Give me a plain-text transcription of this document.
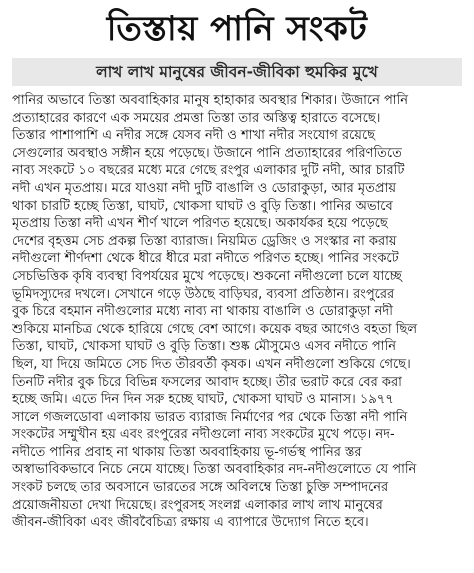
তিস্তায় পানি সংকট
লাখ লাখ মানুষের জীবন-জীবিকা হুমকির মুখে
পানির অভাবে তিস্তা অববাহিকার মানুষ হাহাকার অবস্থার শিকার। উজানে পানি
প্রত্যাহারের কারণে এক সময়ের প্রমত্তা তিস্তা তার অস্তিত্ব হারাতে বসেছে।
তিস্তার পাশাপাশি এ নদীর সঙ্গে যেসব নদী ও শাখা নদীর সংযোগ রয়েছে
সেগুলোর অবস্থাও সঙ্গীন হয়ে পড়েছে। উজানে পানি প্রত্যাহারের পরিণতিতে
নাব্য সংকটে ১০ বছরের মধ্যে মরে গেছে রংপুর এলাকার দুটি নদী, আর চারটি
নদী এখন মৃতপ্রায়। মরে যাওয়া নদী দুটি বাঙালি ও ডোরাকুড়া, আর মৃতপ্রায়
থাকা চারটি হচ্ছে তিস্তা, ঘাঘট, খোকসা ঘাঘট ও বুড়ি তিস্তা। পানির অভাবে
মৃতপ্রায় তিস্তা নদী এখন শীর্ণ খালে পরিণত হয়েছে। অকার্যকর হয়ে পড়েছে
দেশের বৃহত্তম সেচ প্রকল্প তিস্তা ব্যারাজ। নিয়মিত ড্রেজিং ও সংস্কার না করায়
নদীগুলো শীর্ণদশা থেকে ধীরে ধীরে মরা নদীতে পরিণত হচ্ছে। পানির সংকটে
সেচভিত্তিক কৃষি ব্যবস্থা বিপর্যয়ের মুখে পড়েছে। শুকনো নদীগুলো চলে যাচ্ছে
ভূমিদস্যুদের দখলে। সেখানে গড়ে উঠছে বাড়িঘর, ব্যবসা প্রতিষ্ঠান। রংপুরের
বুক চিরে বহমান নদীগুলোর মধ্যে নাব্য না থাকায় বাঙালি ও ডোরাকুড়া নদী
শুকিয়ে মানচিত্র থেকে হারিয়ে গেছে বেশ আগে। কয়েক বছর আগেও বহতা ছিল
তিস্তা, ঘাঘট, খোকসা ঘাঘট ও বুড়ি তিস্তা। শুষ্ক মৌসুমেও এসব নদীতে পানি
ছিল, যা দিয়ে জমিতে সেচ দিত তীরবর্তী কৃষক। এখন নদীগুলো শুকিয়ে গেছে।
তিনটি নদীর বুক চিরে বিভিন্ন ফসলের আবাদ হচ্ছে। তীর ভরাট করে বের করা
হচ্ছে জমি। এতে দিন দিন সরু হচ্ছে ঘাঘট, খোকসা ঘাঘট ও মানাস। ১৯৭৭
সালে গজলডোবা এলাকায় ভারত ব্যারাজ নির্মাণের পর থেকে তিস্তা নদী পানি
সংকটের সম্মুখীন হয় এবং রংপুরের নদীগুলো নাব্য সংকটের মুখে পড়ে। নদ-
নদীতে পানির প্রবাহ না থাকায় তিস্তা অববাহিকায় ভূ-গর্ভস্থ পানির স্তর
অস্বাভাবিকভাবে নিচে নেমে যাচ্ছে। তিস্তা অববাহিকার নদ-নদীগুলোতে যে পানি
সংকট চলছে তার অবসানে ভারতের সঙ্গে অবিলম্বে তিস্তা চুক্তি সম্পাদনের
প্রয়োজনীয়তা দেখা দিয়েছে। রংপুরসহ সংলগ্ন এলাকার লাখ লাখ মানুষের
জীবন-জীবিকা এবং জীববৈচিত্র্য রক্ষায় এ ব্যাপারে উদ্যোগ নিতে হবে।
